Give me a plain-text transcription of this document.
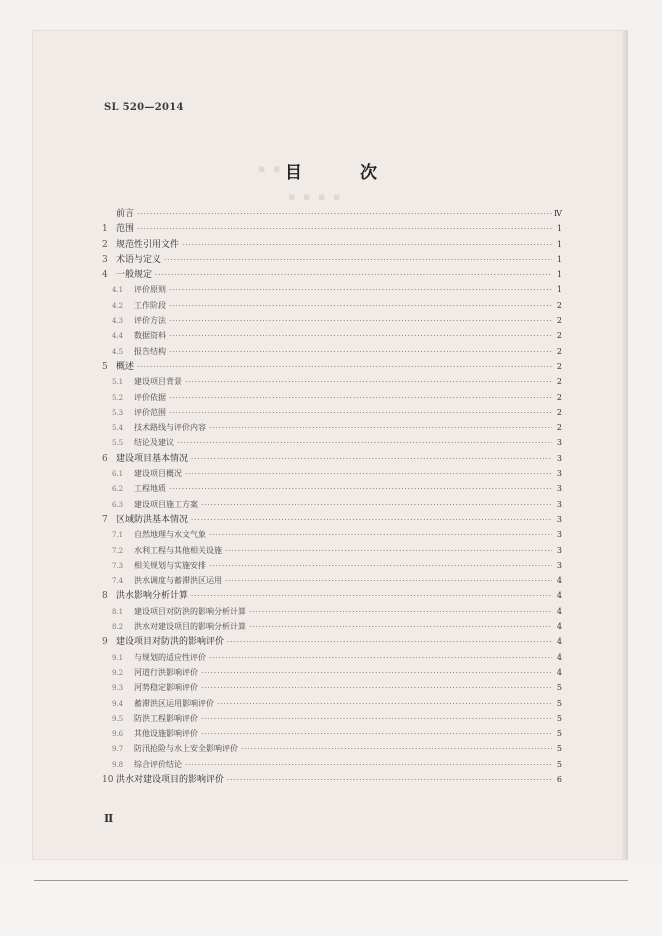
SL 520—2014
▪ ▪ ▪
▪ ▪ ▪ ▪
目 次
前言 ·····	Ⅳ
1 范围 ·····	1
2 规范性引用文件 ·····	1
3 术语与定义 ·····	1
4 一般规定 ·····	1
4.1	评价原则 ·····	1
4.2	工作阶段 ·····	2
4.3	评价方法 ·····	2
4.4	数据资料 ·····	2
4.5	报告结构 ·····	2
5 概述 ·····	2
5.1	建设项目背景 ·····	2
5.2	评价依据 ·····	2
5.3	评价范围 ·····	2
5.4	技术路线与评价内容 ·····	2
5.5	结论及建议 ·····	3
6 建设项目基本情况 ·····	3
6.1	建设项目概况 ·····	3
6.2	工程地质 ·····	3
6.3	建设项目施工方案 ·····	3
7 区域防洪基本情况 ·····	3
7.1	自然地理与水文气象 ·····	3
7.2	水利工程与其他相关设施 ·····	3
7.3	相关规划与实施安排 ·····	3
7.4	洪水调度与蓄滞洪区运用 ·····	4
8 洪水影响分析计算 ·····	4
8.1	建设项目对防洪的影响分析计算 ·····	4
8.2	洪水对建设项目的影响分析计算 ·····	4
9 建设项目对防洪的影响评价 ·····	4
9.1	与规划的适应性评价 ·····	4
9.2	河道行洪影响评价 ·····	4
9.3	河势稳定影响评价 ·····	5
9.4	蓄滞洪区运用影响评价 ·····	5
9.5	防洪工程影响评价 ·····	5
9.6	其他设施影响评价 ·····	5
9.7	防汛抢险与水上安全影响评价 ·····	5
9.8	综合评价结论 ·····	5
10 洪水对建设项目的影响评价 ·····	6
Ⅱ
